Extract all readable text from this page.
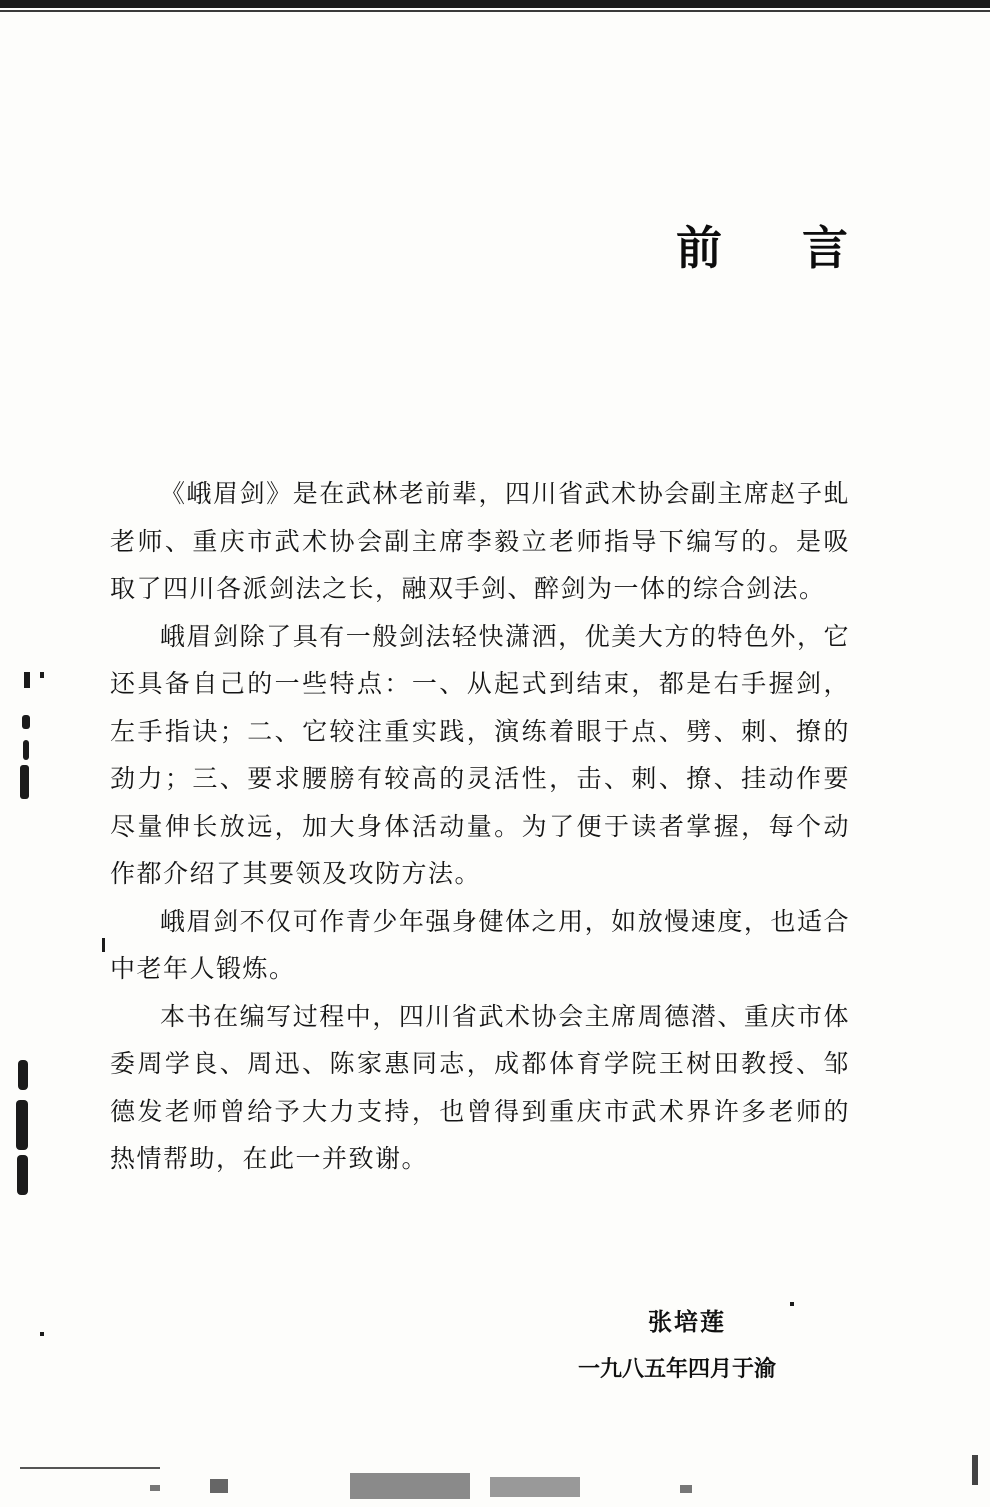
前言

《峨眉剑》是在武林老前辈，四川省武术协会副主席赵子虬老师、重庆市武术协会副主席李毅立老师指导下编写的。是吸取了四川各派剑法之长，融双手剑、醉剑为一体的综合剑法。

峨眉剑除了具有一般剑法轻快潇洒，优美大方的特色外，它还具备自己的一些特点：一、从起式到结束，都是右手握剑，左手指诀；二、它较注重实践，演练着眼于点、劈、刺、撩的劲力；三、要求腰膀有较高的灵活性，击、刺、撩、挂动作要尽量伸长放远，加大身体活动量。为了便于读者掌握，每个动作都介绍了其要领及攻防方法。

峨眉剑不仅可作青少年强身健体之用，如放慢速度，也适合中老年人锻炼。

本书在编写过程中，四川省武术协会主席周德潜、重庆市体委周学良、周迅、陈家惠同志，成都体育学院王树田教授、邹德发老师曾给予大力支持，也曾得到重庆市武术界许多老师的热情帮助，在此一并致谢。

张培莲
一九八五年四月于渝
